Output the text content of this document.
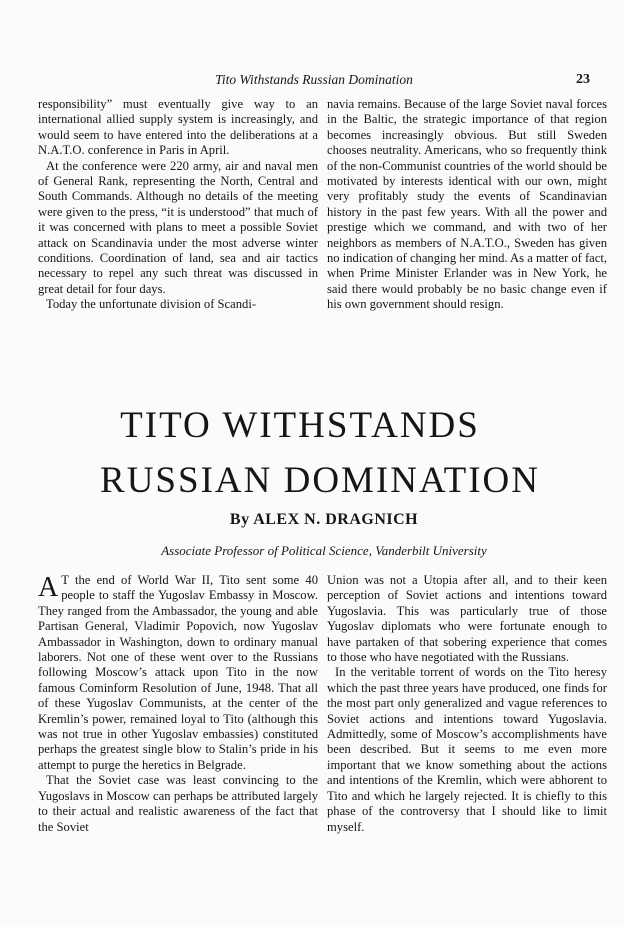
Tito Withstands Russian Domination	23

responsibility” must eventually give way to an international allied supply system is increasingly, and would seem to have entered into the deliberations at a N.A.T.O. conference in Paris in April.

At the conference were 220 army, air and naval men of General Rank, representing the North, Central and South Commands. Although no details of the meeting were given to the press, “it is understood” that much of it was concerned with plans to meet a possible Soviet attack on Scandinavia under the most adverse winter conditions. Coordination of land, sea and air tactics necessary to repel any such threat was discussed in great detail for four days.

Today the unfortunate division of Scandi-

navia remains. Because of the large Soviet naval forces in the Baltic, the strategic importance of that region becomes increasingly obvious. But still Sweden chooses neutrality. Americans, who so frequently think of the non-Communist countries of the world should be motivated by interests identical with our own, might very profitably study the events of Scandinavian history in the past few years. With all the power and prestige which we command, and with two of her neighbors as members of N.A.T.O., Sweden has given no indication of changing her mind. As a matter of fact, when Prime Minister Erlander was in New York, he said there would probably be no basic change even if his own government should resign.

TITO WITHSTANDS
RUSSIAN DOMINATION
By ALEX N. DRAGNICH
Associate Professor of Political Science, Vanderbilt University

A T the end of World War II, Tito sent some 40 people to staff the Yugoslav Embassy in Moscow. They ranged from the Ambassador, the young and able Partisan General, Vladimir Popovich, now Yugoslav Ambassador in Washington, down to ordinary manual laborers. Not one of these went over to the Russians following Moscow’s attack upon Tito in the now famous Cominform Resolution of June, 1948. That all of these Yugoslav Communists, at the center of the Kremlin’s power, remained loyal to Tito (although this was not true in other Yugoslav embassies) constituted perhaps the greatest single blow to Stalin’s pride in his attempt to purge the heretics in Belgrade.

That the Soviet case was least convincing to the Yugoslavs in Moscow can perhaps be attributed largely to their actual and realistic awareness of the fact that the Soviet

Union was not a Utopia after all, and to their keen perception of Soviet actions and intentions toward Yugoslavia. This was particularly true of those Yugoslav diplomats who were fortunate enough to have partaken of that sobering experience that comes to those who have negotiated with the Russians.

In the veritable torrent of words on the Tito heresy which the past three years have produced, one finds for the most part only generalized and vague references to Soviet actions and intentions toward Yugoslavia. Admittedly, some of Moscow’s accomplishments have been described. But it seems to me even more important that we know something about the actions and intentions of the Kremlin, which were abhorent to Tito and which he largely rejected. It is chiefly to this phase of the controversy that I should like to limit myself.
